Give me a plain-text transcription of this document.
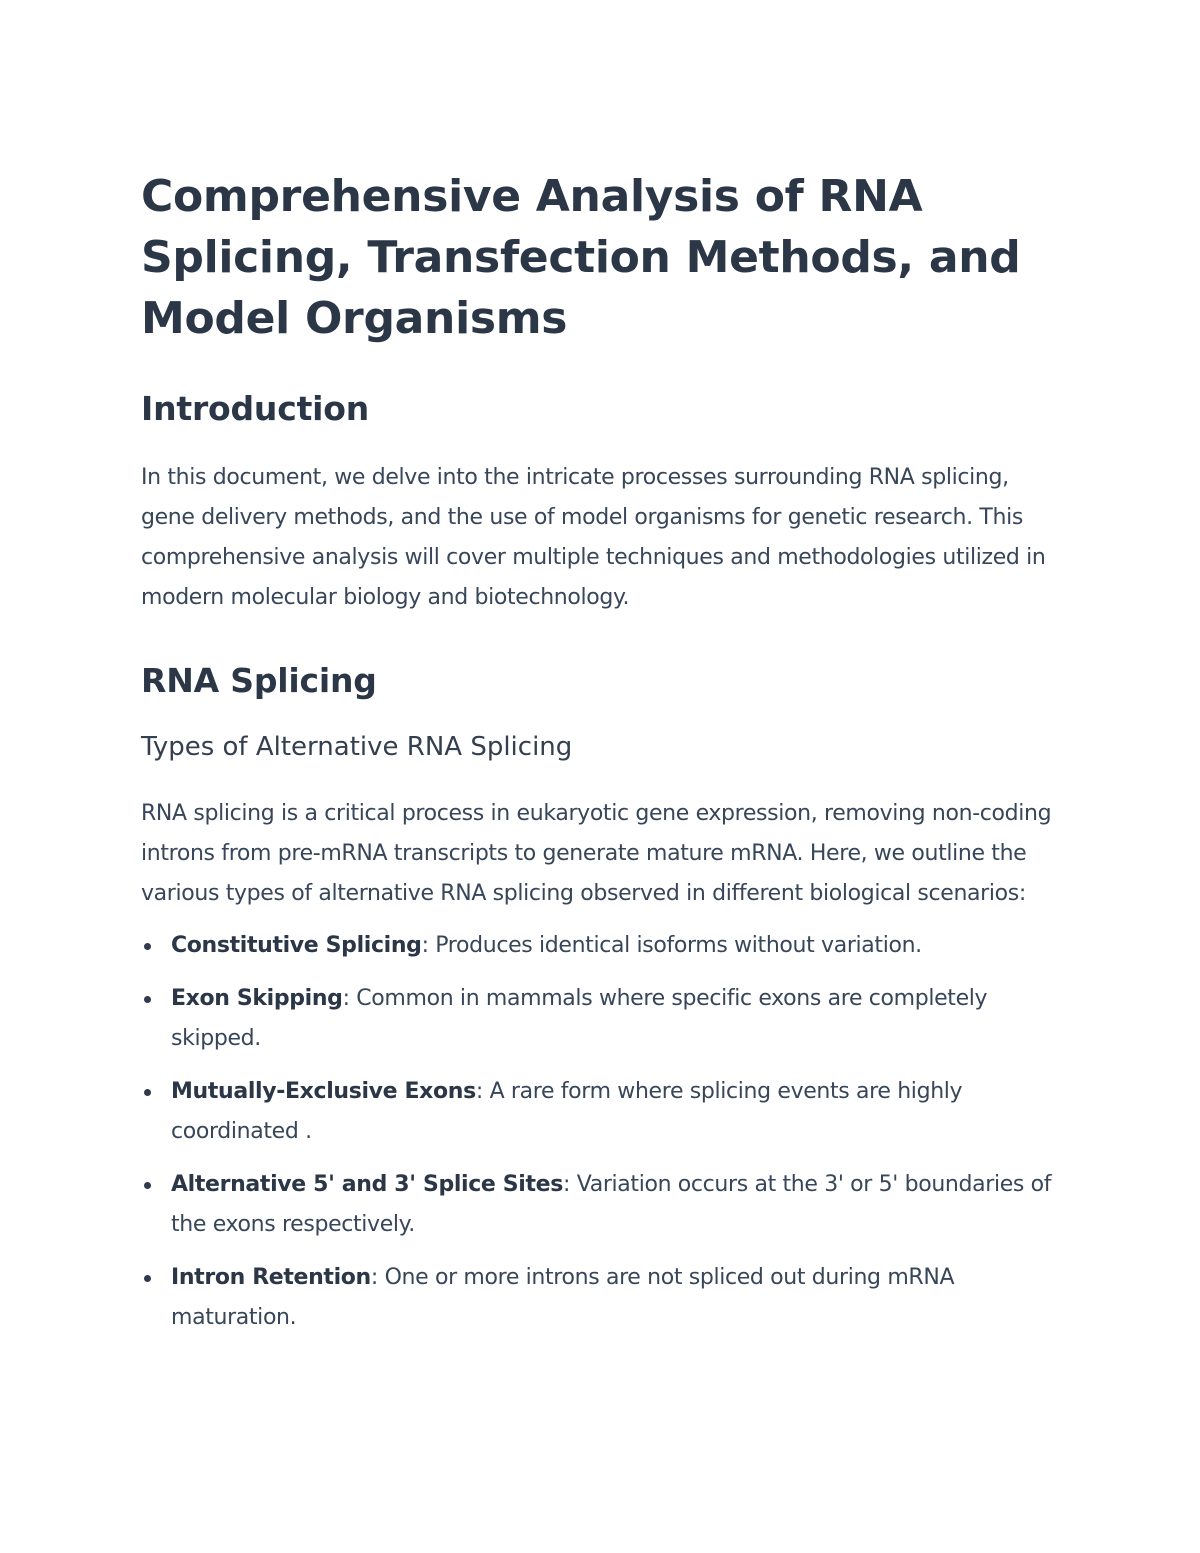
Comprehensive Analysis of RNA Splicing, Transfection Methods, and Model Organisms
Introduction

In this document, we delve into the intricate processes surrounding RNA splicing, gene delivery methods, and the use of model organisms for genetic research. This comprehensive analysis will cover multiple techniques and methodologies utilized in modern molecular biology and biotechnology.

RNA Splicing
Types of Alternative RNA Splicing

RNA splicing is a critical process in eukaryotic gene expression, removing non-coding introns from pre-mRNA transcripts to generate mature mRNA. Here, we outline the various types of alternative RNA splicing observed in different biological scenarios:

Constitutive Splicing: Produces identical isoforms without variation.
Exon Skipping: Common in mammals where specific exons are completely skipped.
Mutually-Exclusive Exons: A rare form where splicing events are highly coordinated .
Alternative 5' and 3' Splice Sites: Variation occurs at the 3' or 5' boundaries of the exons respectively.
Intron Retention: One or more introns are not spliced out during mRNA maturation.
